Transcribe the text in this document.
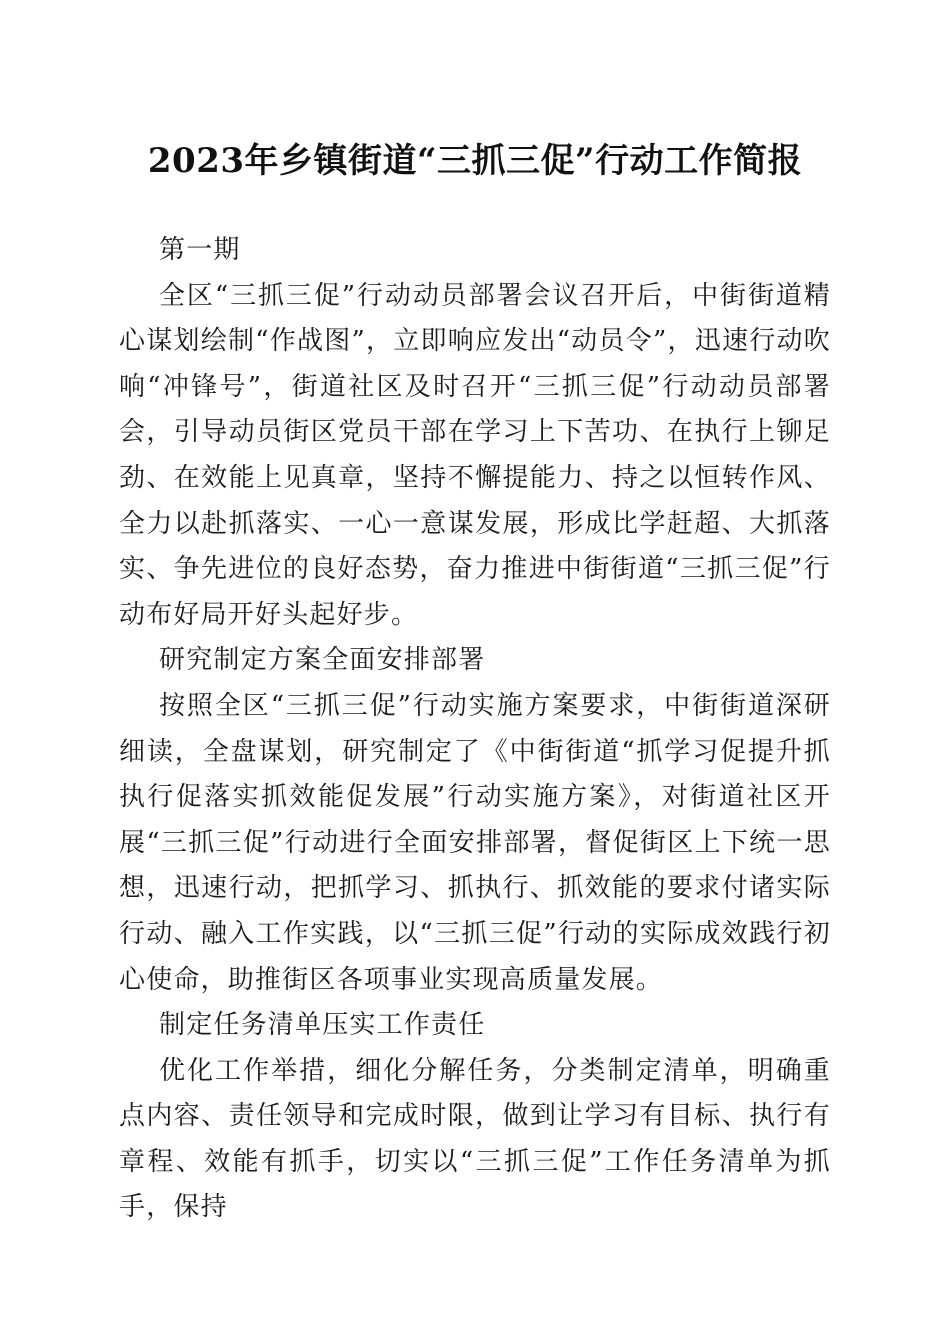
2023年乡镇街道“三抓三促”行动工作简报

第一期

全区“三抓三促”行动动员部署会议召开后，中街街道精心谋划绘制“作战图”，立即响应发出“动员令”，迅速行动吹响“冲锋号”，街道社区及时召开“三抓三促”行动动员部署会，引导动员街区党员干部在学习上下苦功、在执行上铆足劲、在效能上见真章，坚持不懈提能力、持之以恒转作风、全力以赴抓落实、一心一意谋发展，形成比学赶超、大抓落实、争先进位的良好态势，奋力推进中街街道“三抓三促”行动布好局开好头起好步。

研究制定方案全面安排部署

按照全区“三抓三促”行动实施方案要求，中街街道深研细读，全盘谋划，研究制定了《中街街道“抓学习促提升抓执行促落实抓效能促发展”行动实施方案》，对街道社区开展“三抓三促”行动进行全面安排部署，督促街区上下统一思想，迅速行动，把抓学习、抓执行、抓效能的要求付诸实际行动、融入工作实践，以“三抓三促”行动的实际成效践行初心使命，助推街区各项事业实现高质量发展。

制定任务清单压实工作责任

优化工作举措，细化分解任务，分类制定清单，明确重点内容、责任领导和完成时限，做到让学习有目标、执行有章程、效能有抓手，切实以“三抓三促”工作任务清单为抓手，保持
